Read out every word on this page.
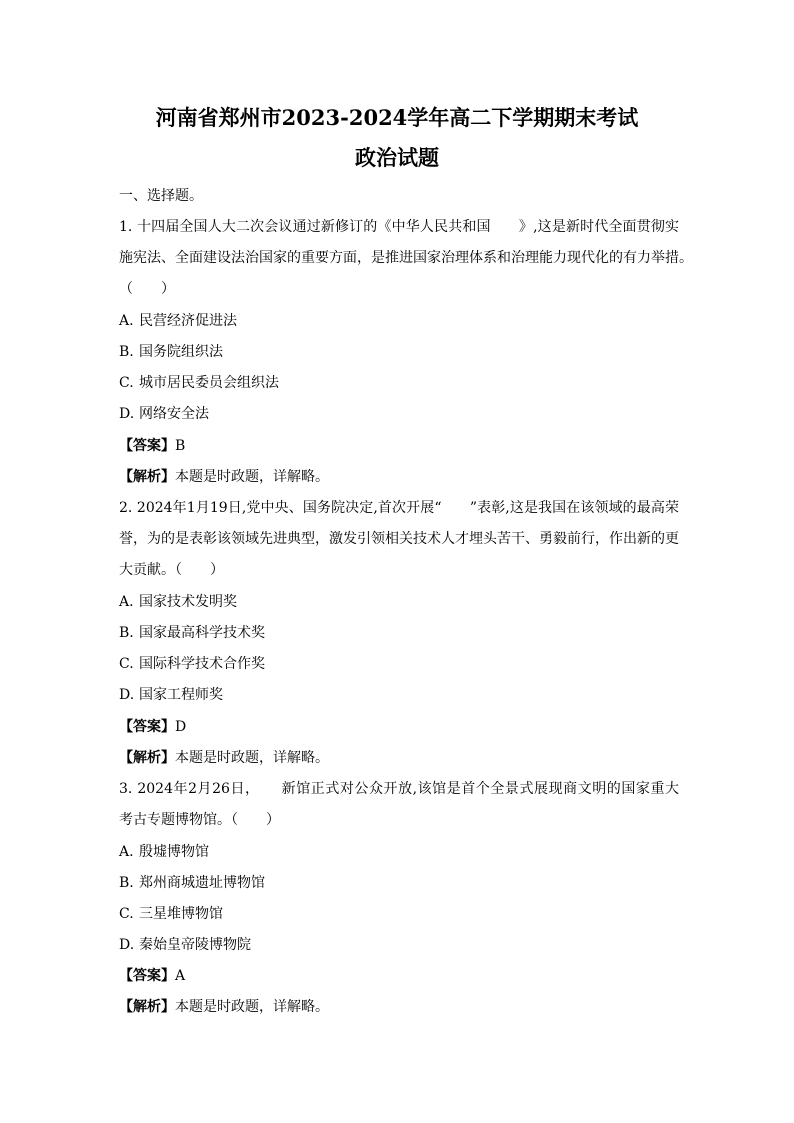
河南省郑州市2023-2024学年高二下学期期末考试
政治试题
一、选择题。
1. 十四届全国人大二次会议通过新修订的《中华人民共和国　　》,这是新时代全面贯彻实
施宪法、全面建设法治国家的重要方面，是推进国家治理体系和治理能力现代化的有力举措。
（　　）
A. 民营经济促进法
B. 国务院组织法
C. 城市居民委员会组织法
D. 网络安全法
【答案】B
【解析】本题是时政题，详解略。
2. 2024年1月19日,党中央、国务院决定,首次开展“　　”表彰,这是我国在该领域的最高荣
誉，为的是表彰该领域先进典型，激发引领相关技术人才埋头苦干、勇毅前行，作出新的更
大贡献。（　　）
A. 国家技术发明奖
B. 国家最高科学技术奖
C. 国际科学技术合作奖
D. 国家工程师奖
【答案】D
【解析】本题是时政题，详解略。
3. 2024年2月26日，　　新馆正式对公众开放,该馆是首个全景式展现商文明的国家重大
考古专题博物馆。（　　）
A. 殷墟博物馆
B. 郑州商城遗址博物馆
C. 三星堆博物馆
D. 秦始皇帝陵博物院
【答案】A
【解析】本题是时政题，详解略。
